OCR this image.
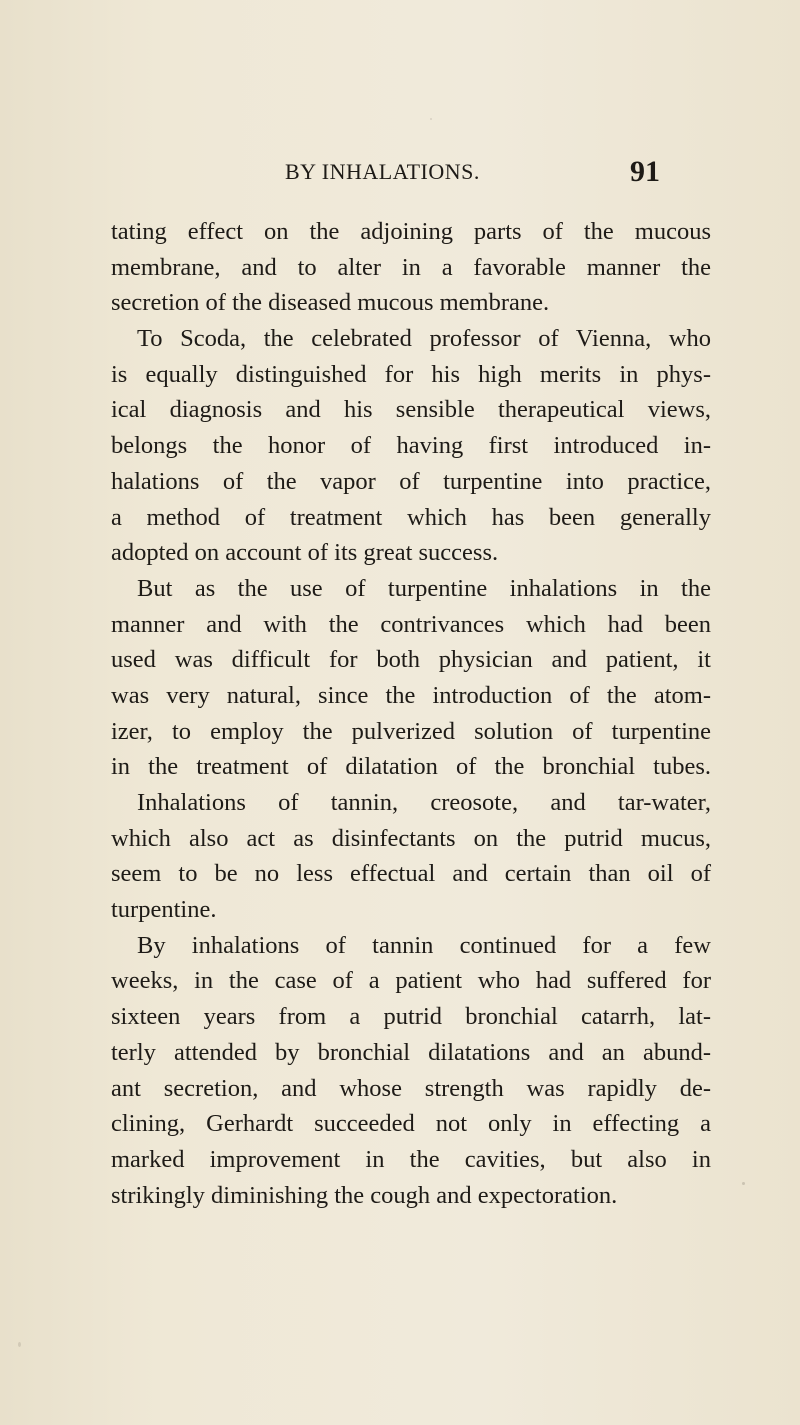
BY INHALATIONS.	91
tating effect on the adjoining parts of the mucous
membrane, and to alter in a favorable manner the
secretion of the diseased mucous membrane.
To Scoda, the celebrated professor of Vienna, who
is equally distinguished for his high merits in phys-
ical diagnosis and his sensible therapeutical views,
belongs the honor of having first introduced in-
halations of the vapor of turpentine into practice,
a method of treatment which has been generally
adopted on account of its great success.
But as the use of turpentine inhalations in the
manner and with the contrivances which had been
used was difficult for both physician and patient, it
was very natural, since the introduction of the atom-
izer, to employ the pulverized solution of turpentine
in the treatment of dilatation of the bronchial tubes.
Inhalations of tannin, creosote, and tar-water,
which also act as disinfectants on the putrid mucus,
seem to be no less effectual and certain than oil of
turpentine.
By inhalations of tannin continued for a few
weeks, in the case of a patient who had suffered for
sixteen years from a putrid bronchial catarrh, lat-
terly attended by bronchial dilatations and an abund-
ant secretion, and whose strength was rapidly de-
clining, Gerhardt succeeded not only in effecting a
marked improvement in the cavities, but also in
strikingly diminishing the cough and expectoration.
